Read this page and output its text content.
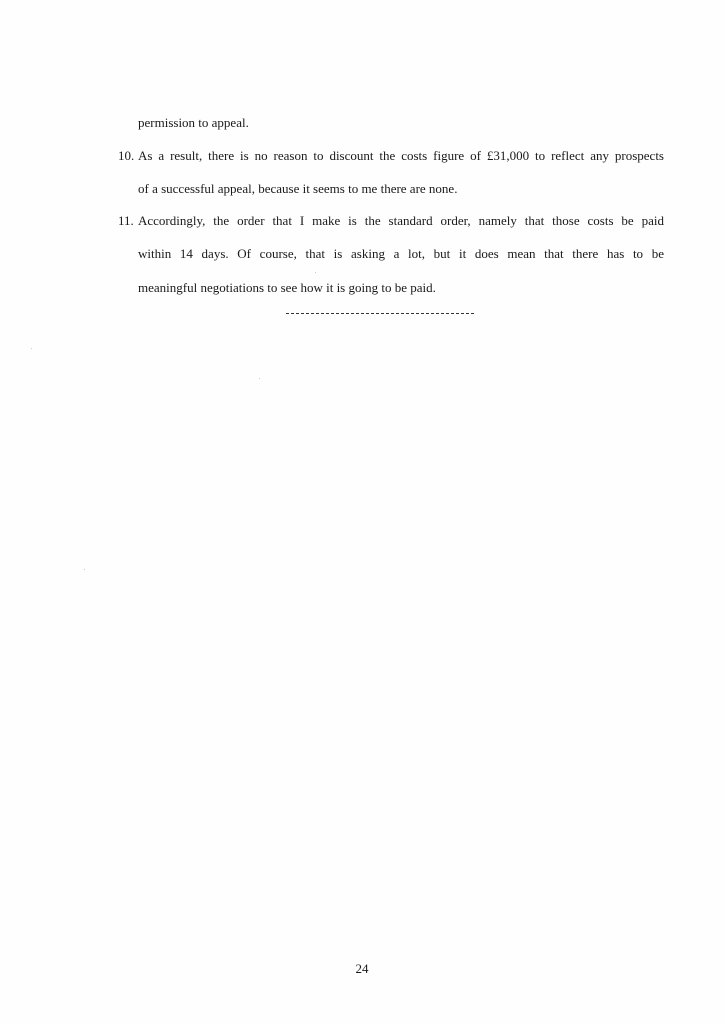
permission to appeal.
10. As a result, there is no reason to discount the costs figure of £31,000 to reflect any prospects
of a successful appeal, because it seems to me there are none.
11. Accordingly, the order that I make is the standard order, namely that those costs be paid
within 14 days. Of course, that is asking a lot, but it does mean that there has to be
meaningful negotiations to see how it is going to be paid.
24
